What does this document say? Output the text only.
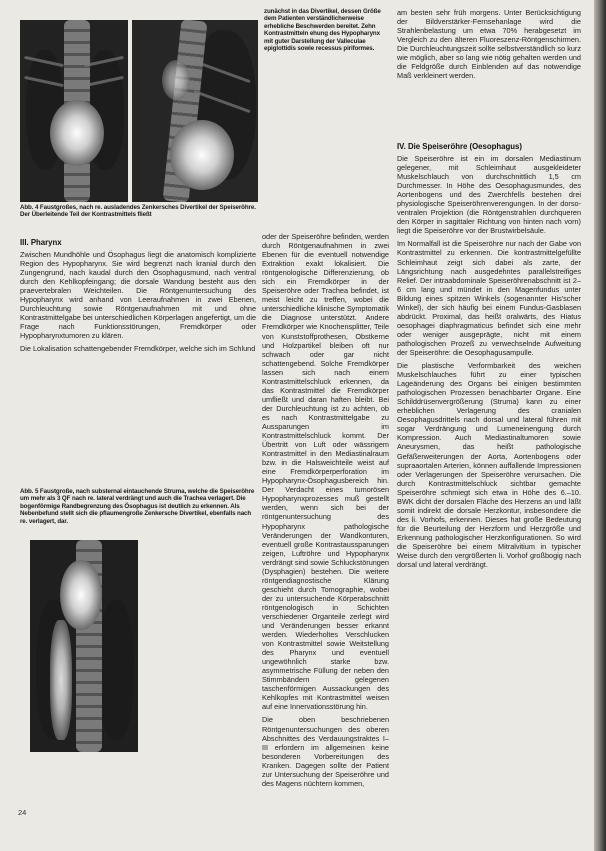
Abb. 4 Faustgroßes, nach re. ausladendes Zenkersches Divertikel der Speiseröhre. Der Überleitende Teil der Kontrastmittels fließt
zunächst in das Divertikel, dessen Größe dem Patienten verständlicherweise erhebliche Beschwerden bereitet. Zehn Kontrastmitteln ehung des Hypopharynx mit guter Darstellung der Valleculae epiglottidis sowie recessus piriformes.
III. Pharynx

Zwischen Mundhöhle und Ösophagus liegt die anatomisch komplizierte Region des Hypopharynx. Sie wird begrenzt nach kranial durch den Zungengrund, nach kaudal durch den Ösophagusmund, nach ventral durch den Kehlkopfeingang; die dorsale Wandung besteht aus den praevertebralen Weichteilen. Die Röntgenuntersuchung des Hypopharynx wird anhand von Leeraufnahmen in zwei Ebenen, Durchleuchtung sowie Röntgenaufnahmen mit und ohne Kontrastmittelgabe bei unterschiedlichen Körperlagen angefertigt, um die Frage nach Funktionsstörungen, Fremdkörper oder Hypopharynxtumoren zu klären.

Die Lokalisation schattengebender Fremdkörper, welche sich im Schlund

Abb. 5 Faustgroße, nach substernal eintauchende Struma, welche die Speiseröhre um mehr als 3 QF nach re. lateral verdrängt und auch die Trachea verlagert. Die bogenförmige Randbegrenzung des Ösophagus ist deutlich zu erkennen. Als Nebenbefund stellt sich die pflaumengroße Zenkersche Divertikel, ebenfalls nach re. verlagert, dar.

oder der Speiseröhre befinden, werden durch Röntgenaufnahmen in zwei Ebenen für die eventuell notwendige Extraktion exakt lokalisiert. Die röntgenologische Differenzierung, ob sich ein Fremdkörper in der Speiseröhre oder Trachea befindet, ist meist leicht zu treffen, wobei die unterschiedliche klinische Symptomatik die Diagnose unterstützt. Andere Fremdkörper wie Knochensplitter, Teile von Kunststoffprothesen, Obstkerne und Holzpartikel bleiben oft nur schwach oder gar nicht schattengebend. Solche Fremdkörper lassen sich nach einem Kontrastmittelschluck erkennen, da das Kontrastmittel die Fremdkörper umfließt und daran haften bleibt. Bei der Durchleuchtung ist zu achten, ob es nach Kontrastmittelgabe zu Aussparungen im Kontrastmittelschluck kommt. Der Übertritt von Luft oder wässrigem Kontrastmittel in den Mediastinalraum bzw. in die Halsweichteile weist auf eine Fremdkörperperforation im Hypopharynx-Ösophagusbereich hin. Der Verdacht eines tumorösen Hypopharynxprozesses muß gestellt werden, wenn sich bei der röntgenuntersuchung des Hypopharynx pathologische Veränderungen der Wandkonturen, eventuell große Kontrastaussparungen zeigen, Luftröhre und Hypopharynx verdrängt sind sowie Schluckstörungen (Dysphagien) bestehen. Die weitere röntgendiagnostische Klärung geschieht durch Tomographie, wobei der zu untersuchende Körperabschnitt röntgenologisch in Schichten verschiedener Organteile zerlegt wird und Veränderungen besser erkannt werden. Wiederholtes Verschlucken von Kontrastmittel sowie Weitstellung des Pharynx und eventuell ungewöhnlich starke bzw. asymmetrische Füllung der neben den Stimmbändern gelegenen taschenförmigen Aussackungen des Kehlkopfes mit Kontrastmittel weisen auf eine Innervationsstörung hin.

Die oben beschriebenen Röntgenuntersuchungen des oberen Abschnittes des Verdauungstraktes I–III erfordern im allgemeinen keine besonderen Vorbereitungen des Kranken. Dagegen sollte der Patient zur Untersuchung der Speiseröhre und des Magens nüchtern kommen,

am besten sehr früh morgens. Unter Berücksichtigung der Bildverstärker-Fernsehanlage wird die Strahlenbelastung um etwa 70% herabgesetzt im Vergleich zu den älteren Fluoreszenz-Röntgenschirmen. Die Durchleuchtungszeit sollte selbstverständlich so kurz wie möglich, aber so lang wie nötig gehalten werden und die Feldgröße durch Einblenden auf das notwendige Maß verkleinert werden.

IV. Die Speiseröhre (Oesophagus)

Die Speiseröhre ist ein im dorsalen Mediastinum gelegener, mit Schleimhaut ausgekleideter Muskelschlauch von durchschnittlich 1,5 cm Durchmesser. In Höhe des Oesophagusmundes, des Aortenbogens und des Zwerchfells bestehen drei physiologische Speiseröhrenverengungen. In der dorso-ventralen Projektion (die Röntgenstrahlen durchqueren den Körper in sagittaler Richtung von hinten nach vorn) liegt die Speiseröhre vor der Brustwirbelsäule.

Im Normalfall ist die Speiseröhre nur nach der Gabe von Kontrastmittel zu erkennen. Die kontrastmittelgefüllte Schleimhaut zeigt sich dabei als zarte, der Längsrichtung nach ausgedehntes parallelstreifiges Relief. Der intraabdominale Speiseröhrenabschnitt ist 2–6 cm lang und mündet in den Magenfundus unter Bildung eines spitzen Winkels (sogenannter His'scher Winkel), der sich häufig bei einem Fundus-Gasblasen abdrückt. Proximal, das heißt oralwärts, des Hiatus oesophagei diaphragmaticus befindet sich eine mehr oder weniger ausgeprägte, nicht mit einem pathologischen Prozeß zu verwechselnde Aufweitung der Speiseröhre: die Oesophagusampulle.

Die plastische Verformbarkeit des weichen Muskelschlauches führt zu einer typischen Lageänderung des Organs bei einigen bestimmten pathologischen Prozessen benachbarter Organe. Eine Schilddrüsenvergrößerung (Struma) kann zu einer erheblichen Verlagerung des cranialen Oesophagusdrittels nach dorsal und lateral führen mit sogar Verdrängung und Lumeneinengung durch Kompression. Auch Mediastinaltumoren sowie Aneurysmen, das heißt pathologische Gefäßerweiterungen der Aorta, Aortenbogens oder supraaortalen Arterien, können auffallende Impressionen oder Verlagerungen der Speiseröhre verursachen. Die durch Kontrastmittelschluck sichtbar gemachte Speiseröhre schmiegt sich etwa in Höhe des 6.–10. BWK dicht der dorsalen Fläche des Herzens an und läßt somit indirekt die dorsale Herzkontur, insbesondere die des li. Vorhofs, erkennen. Dieses hat große Bedeutung für die Beurteilung der Herzform und Herzgröße und Erkennung pathologischer Herzkonfigurationen. So wird die Speiseröhre bei einem Mitralvitium in typischer Weise durch den vergrößerten li. Vorhof großbogig nach dorsal und lateral verdrängt.

24
